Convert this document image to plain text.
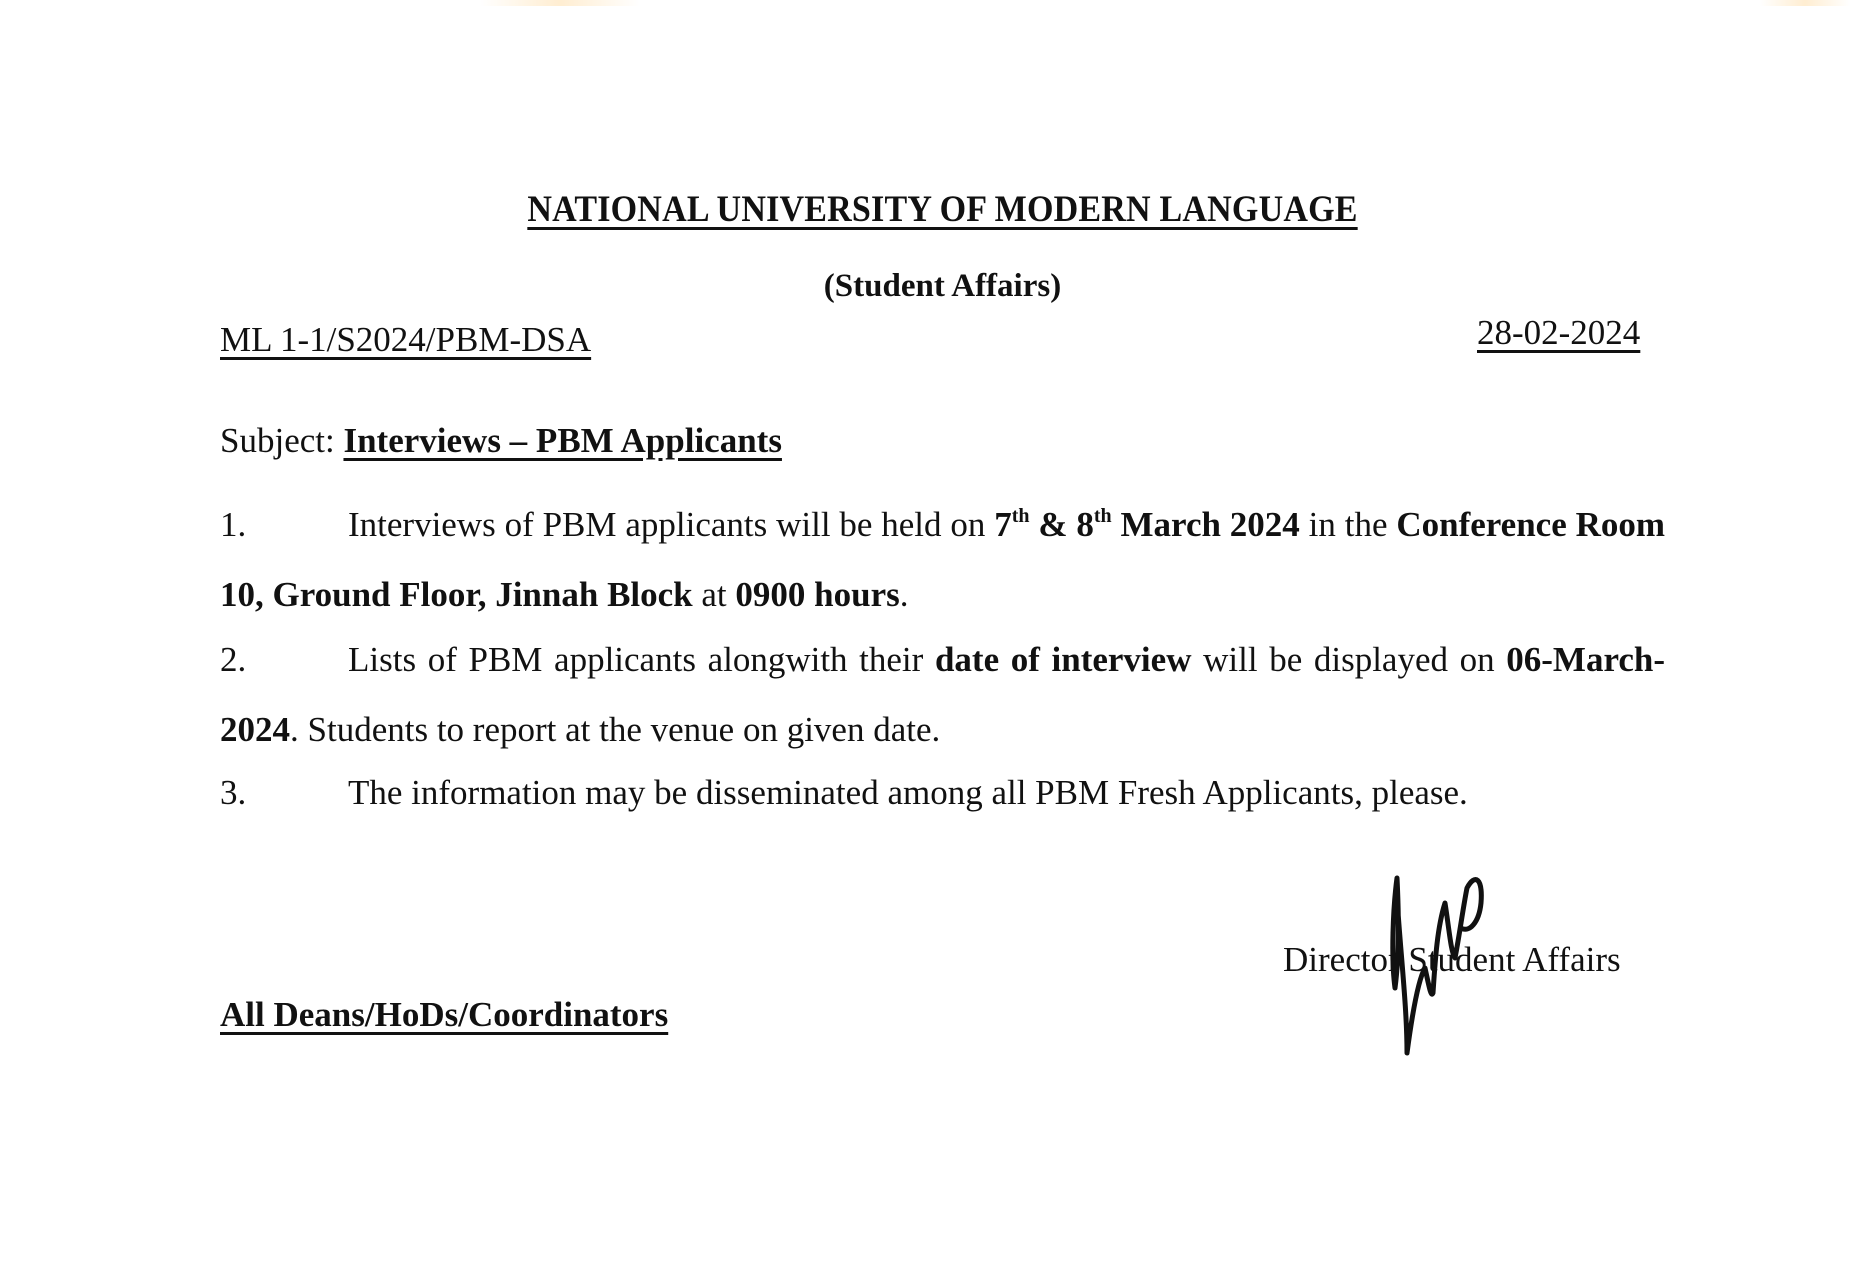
NATIONAL UNIVERSITY OF MODERN LANGUAGE
(Student Affairs)
ML 1-1/S2024/PBM-DSA	28-02-2024
Subject: Interviews – PBM Applicants
1.	Interviews of PBM applicants will be held on 7th & 8th March 2024 in the Conference Room 10, Ground Floor, Jinnah Block at 0900 hours.
2.	Lists of PBM applicants alongwith their date of interview will be displayed on 06-March-2024. Students to report at the venue on given date.
3.	The information may be disseminated among all PBM Fresh Applicants, please.
Director Student Affairs
All Deans/HoDs/Coordinators
